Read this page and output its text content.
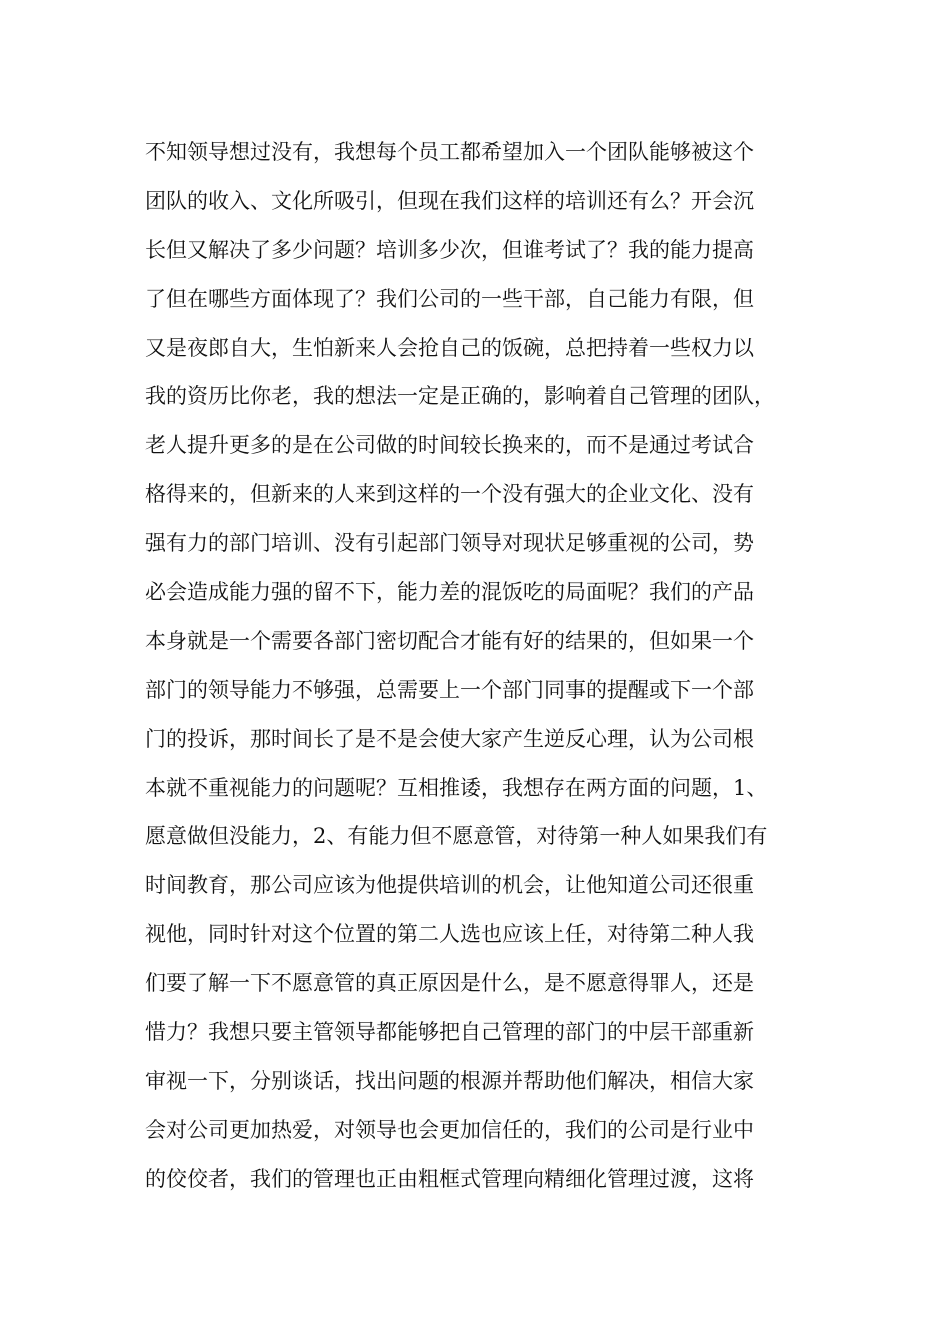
不知领导想过没有，我想每个员工都希望加入一个团队能够被这个
团队的收入、文化所吸引，但现在我们这样的培训还有么？开会沉
长但又解决了多少问题？培训多少次，但谁考试了？我的能力提高
了但在哪些方面体现了？我们公司的一些干部，自己能力有限，但
又是夜郎自大，生怕新来人会抢自己的饭碗，总把持着一些权力以
我的资历比你老，我的想法一定是正确的，影响着自己管理的团队，
老人提升更多的是在公司做的时间较长换来的，而不是通过考试合
格得来的，但新来的人来到这样的一个没有强大的企业文化、没有
强有力的部门培训、没有引起部门领导对现状足够重视的公司，势
必会造成能力强的留不下，能力差的混饭吃的局面呢？我们的产品
本身就是一个需要各部门密切配合才能有好的结果的，但如果一个
部门的领导能力不够强，总需要上一个部门同事的提醒或下一个部
门的投诉，那时间长了是不是会使大家产生逆反心理，认为公司根
本就不重视能力的问题呢？互相推诿，我想存在两方面的问题，1、
愿意做但没能力，2、有能力但不愿意管，对待第一种人如果我们有
时间教育，那公司应该为他提供培训的机会，让他知道公司还很重
视他，同时针对这个位置的第二人选也应该上任，对待第二种人我
们要了解一下不愿意管的真正原因是什么，是不愿意得罪人，还是
惜力？我想只要主管领导都能够把自己管理的部门的中层干部重新
审视一下，分别谈话，找出问题的根源并帮助他们解决，相信大家
会对公司更加热爱，对领导也会更加信任的，我们的公司是行业中
的佼佼者，我们的管理也正由粗框式管理向精细化管理过渡，这将
